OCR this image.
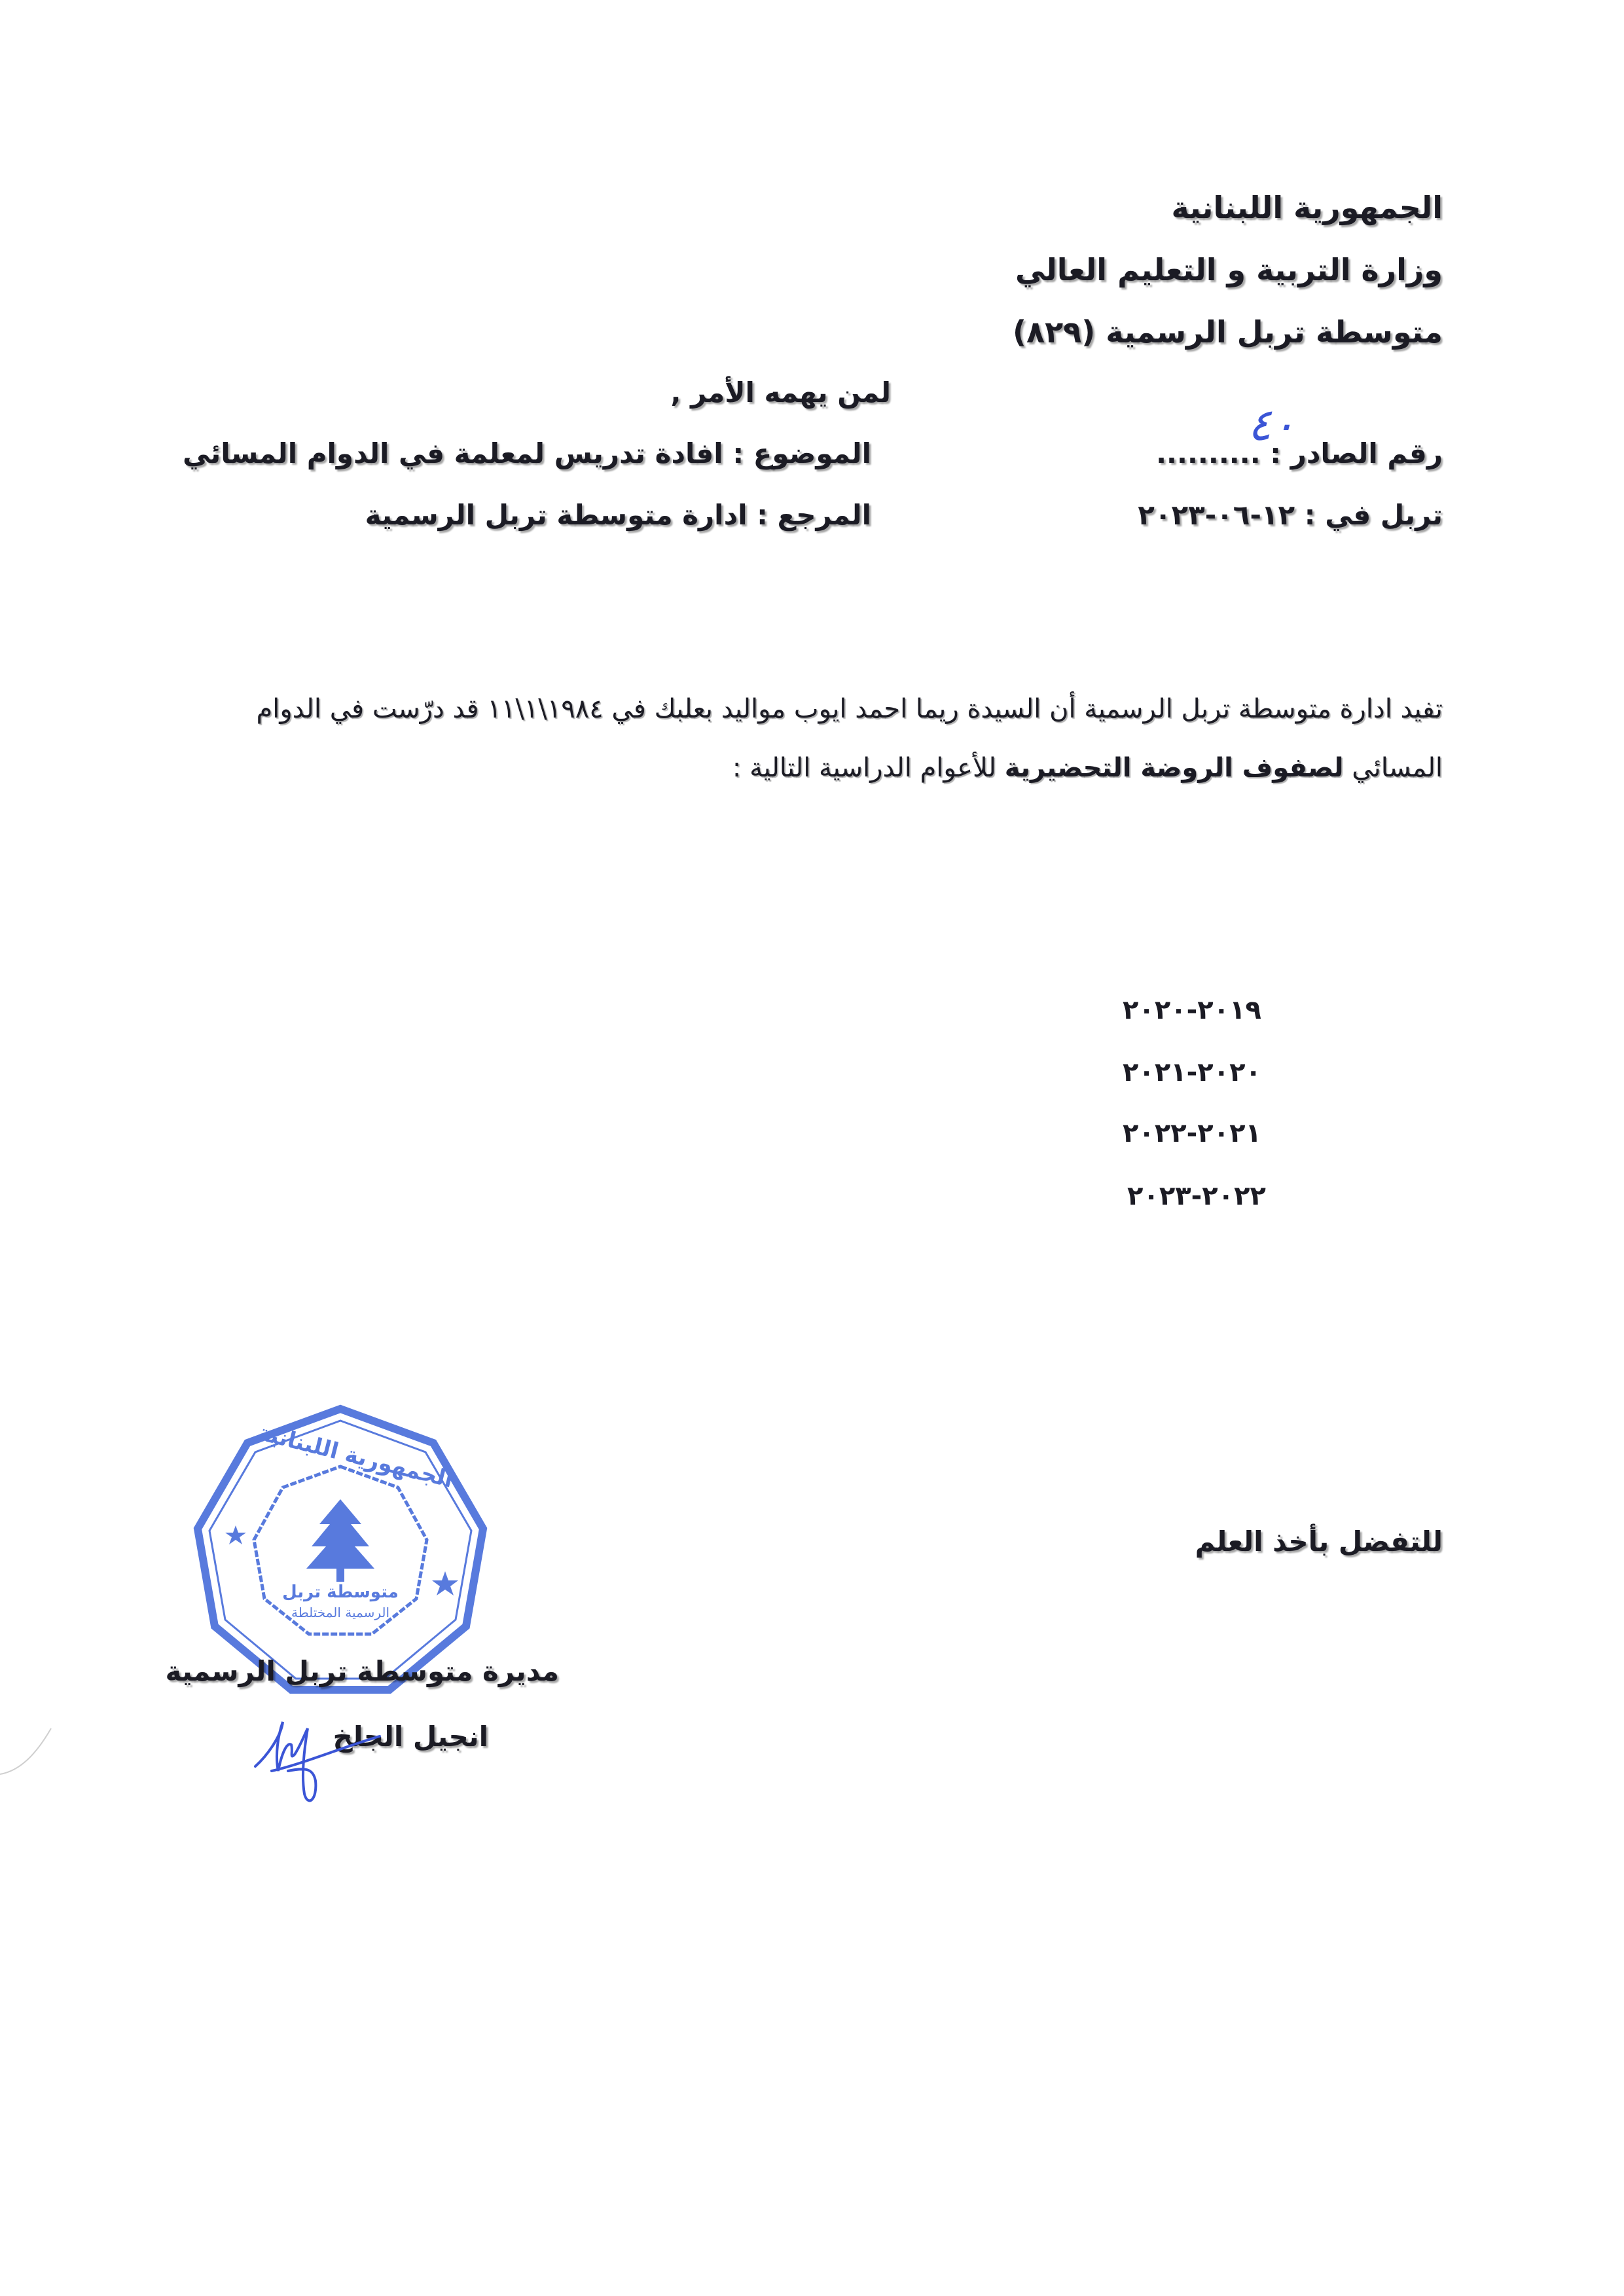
الجمهورية اللبنانية
وزارة التربية و التعليم العالي
متوسطة تربل الرسمية (٨٢٩)
لمن يهمه الأمر ,
رقم الصادر : ..........
٤٠
تربل في : ١٢-٠٦-٢٠٢٣
الموضوع : افادة تدريس لمعلمة في الدوام المسائي
المرجع : ادارة متوسطة تربل الرسمية
تفيد ادارة متوسطة تربل الرسمية أن السيدة ريما احمد ايوب مواليد بعلبك في ١٩٨٤\١\١١ قد درّست في الدوام
المسائي لصفوف الروضة التحضيرية للأعوام الدراسية التالية :
٢٠١٩-٢٠٢٠
٢٠٢٠-٢٠٢١
٢٠٢١-٢٠٢٢
٢٠٢٢-٢٠٢٣
للتفضل بأخذ العلم
متوسطة تربل
الرسمية المختلطة
الجمهورية اللبنانية
مديرة متوسطة تربل الرسمية
انجيل الجلخ
